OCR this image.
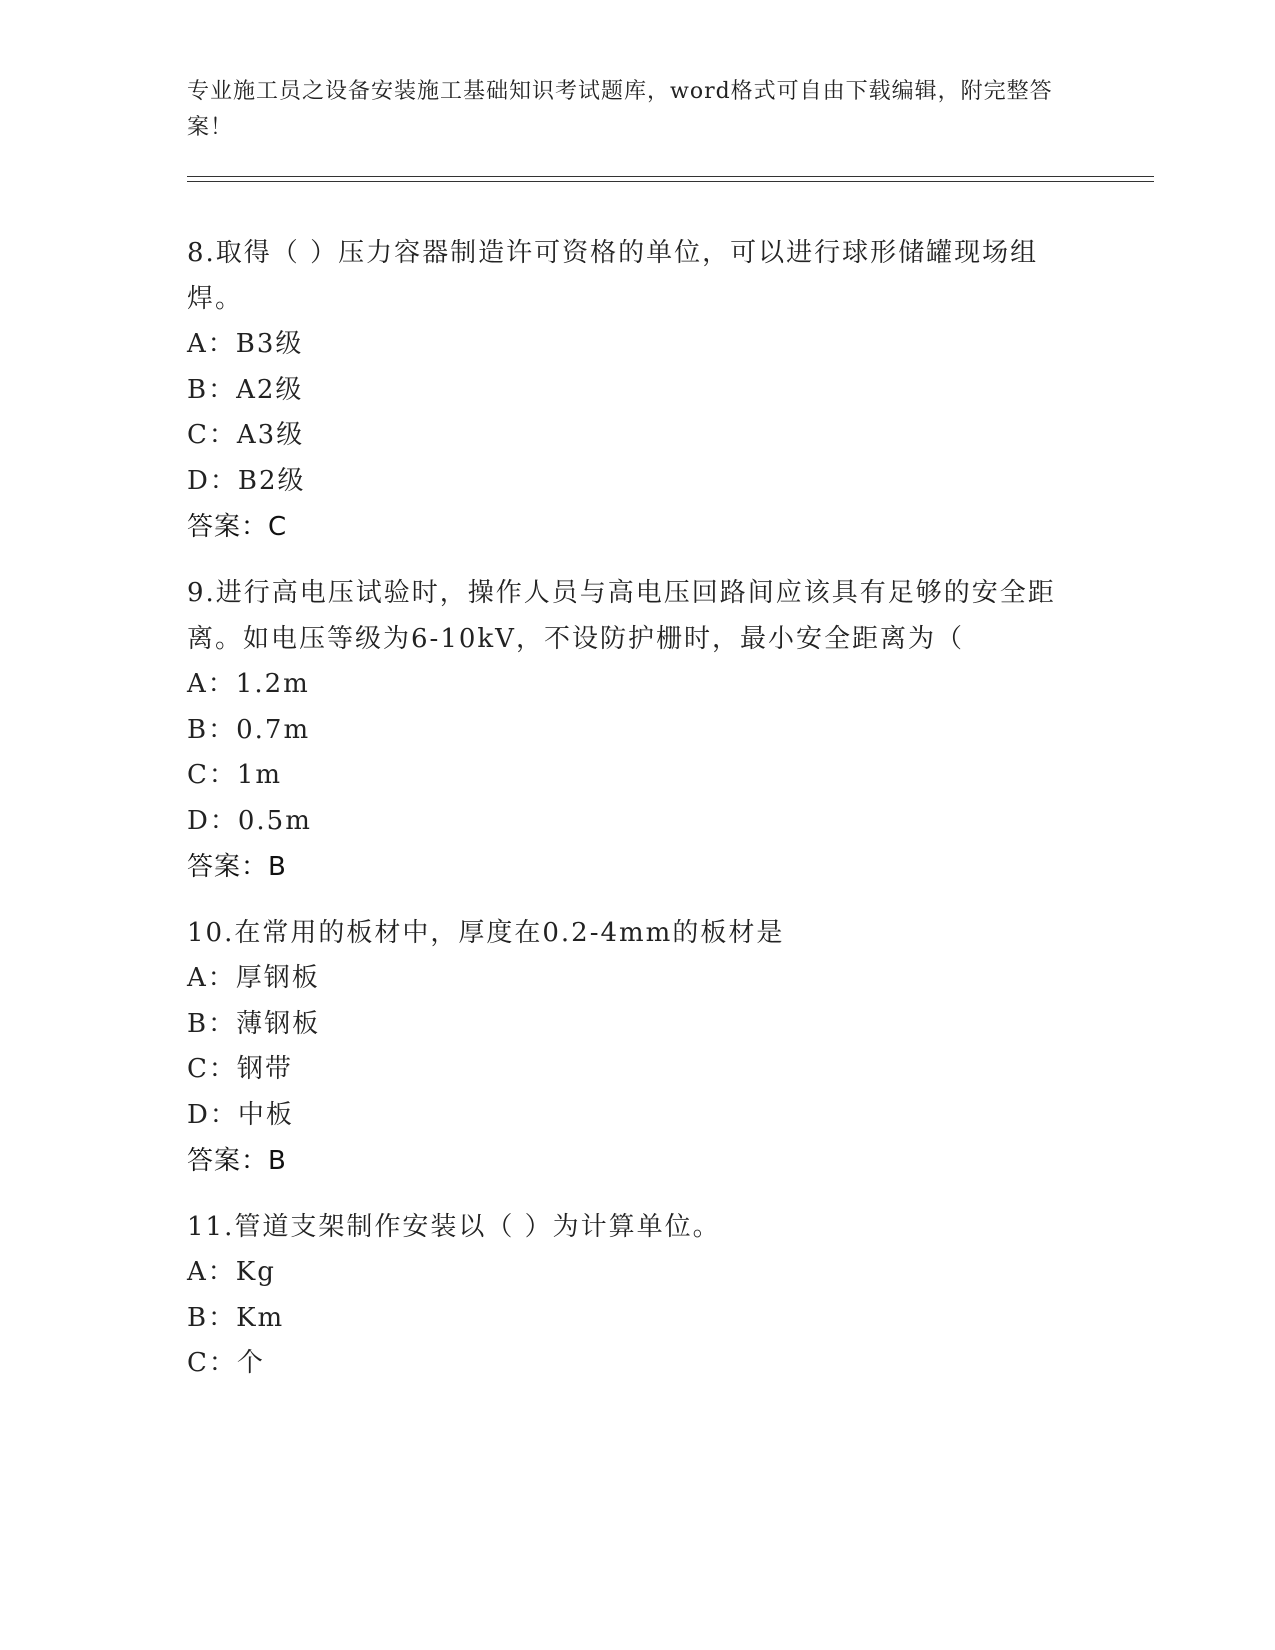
专业施工员之设备安装施工基础知识考试题库，word格式可自由下载编辑，附完整答案！
8.取得（ ）压力容器制造许可资格的单位，可以进行球形储罐现场组焊。
A：B3级
B：A2级
C：A3级
D：B2级
答案：C
9.进行高电压试验时，操作人员与高电压回路间应该具有足够的安全距离。如电压等级为6-10kV，不设防护栅时，最小安全距离为（
A：1.2m
B：0.7m
C：1m
D：0.5m
答案：B
10.在常用的板材中，厚度在0.2-4mm的板材是
A：厚钢板
B：薄钢板
C：钢带
D：中板
答案：B
11.管道支架制作安装以（ ）为计算单位。
A：Kg
B：Km
C：个
